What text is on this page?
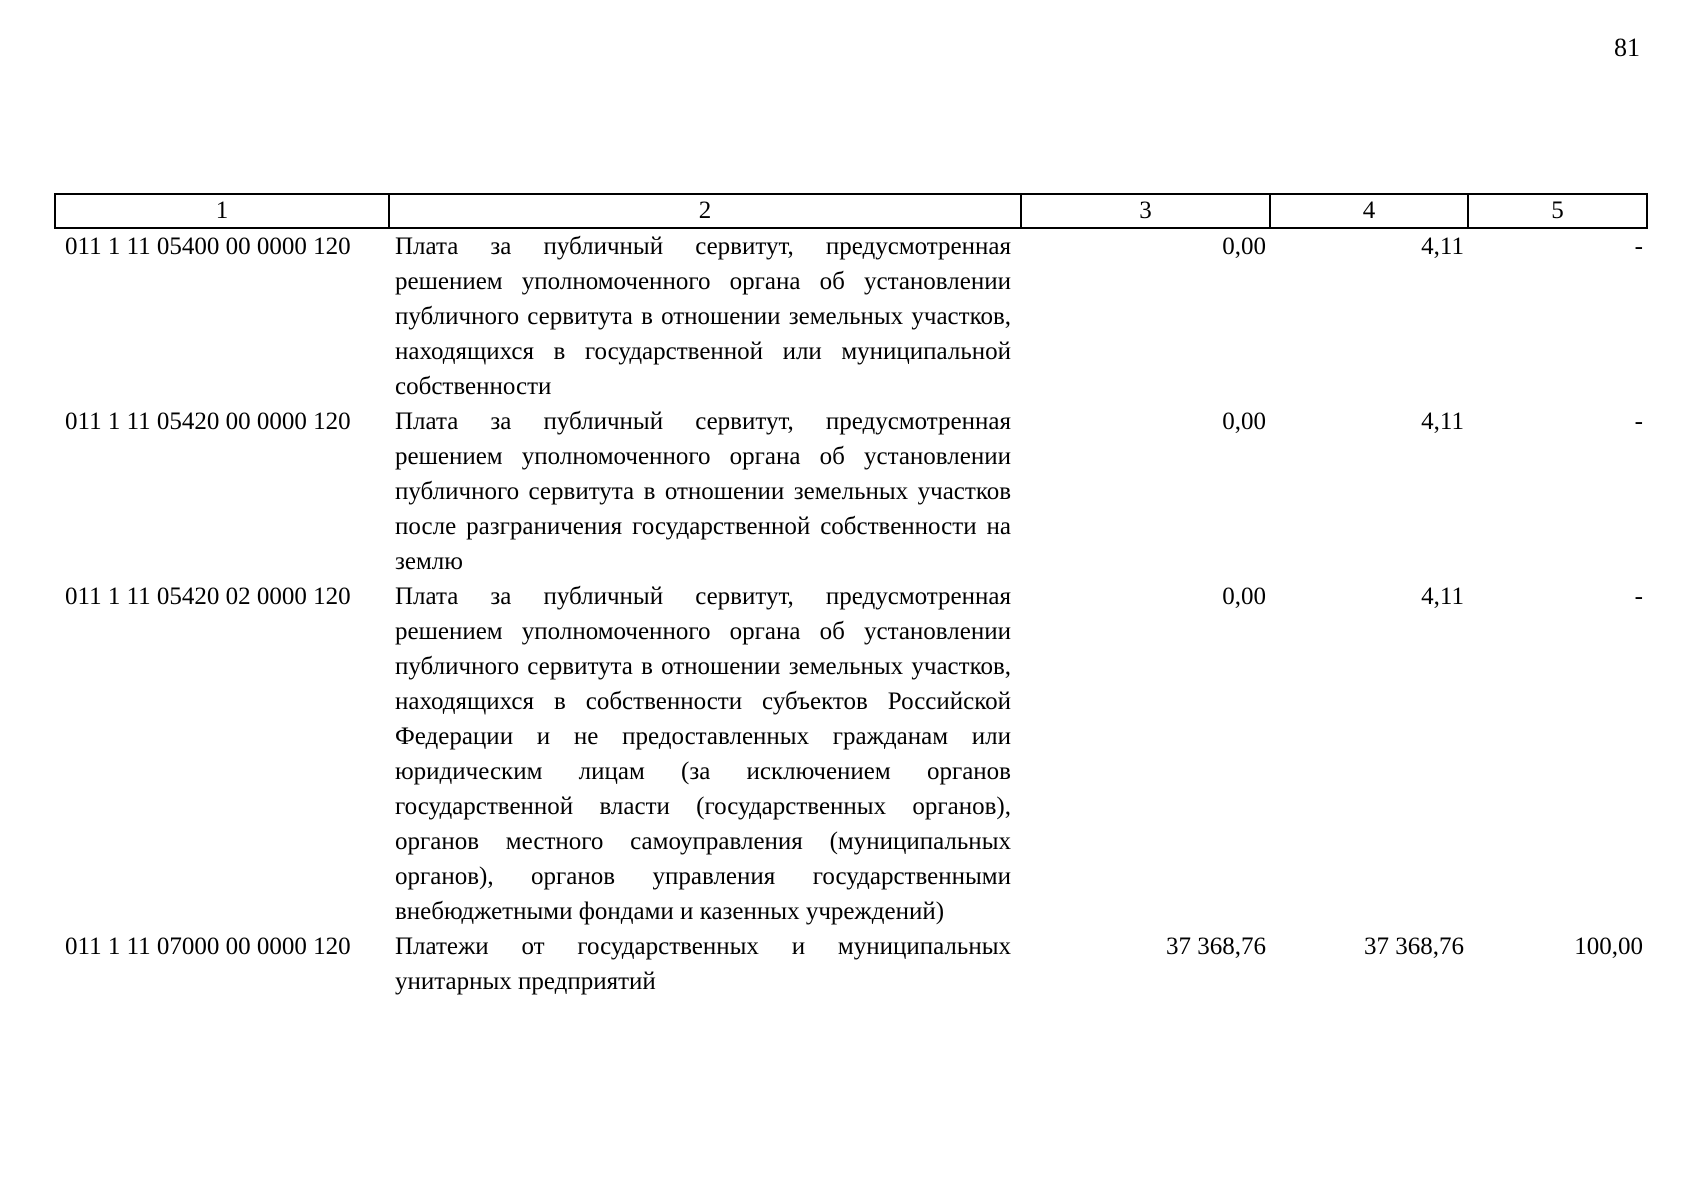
81
1	2	3	4	5
011 1 11 05400 00 0000 120	Плата за публичный сервитут, предусмотренная решением уполномоченного органа об установлении публичного сервитута в отношении земельных участков, находящихся в государственной или муниципальной собственности	0,00	4,11	-
011 1 11 05420 00 0000 120	Плата за публичный сервитут, предусмотренная решением уполномоченного органа об установлении публичного сервитута в отношении земельных участков после разграничения государственной собственности на землю	0,00	4,11	-
011 1 11 05420 02 0000 120	Плата за публичный сервитут, предусмотренная решением уполномоченного органа об установлении публичного сервитута в отношении земельных участков, находящихся в собственности субъектов Российской Федерации и не предоставленных гражданам или юридическим лицам (за исключением органов государственной власти (государственных органов), органов местного самоуправления (муниципальных органов), органов управления государственными внебюджетными фондами и казенных учреждений)	0,00	4,11	-
011 1 11 07000 00 0000 120	Платежи от государственных и муниципальных унитарных предприятий	37 368,76	37 368,76	100,00
